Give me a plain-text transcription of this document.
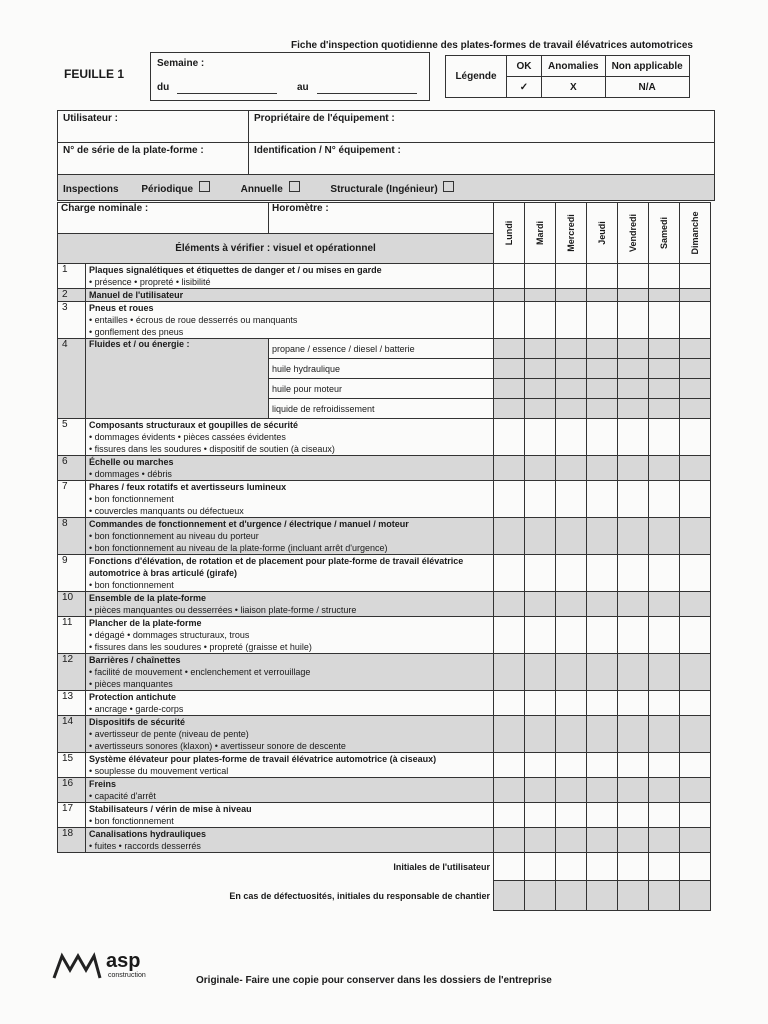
Fiche d'inspection quotidienne des plates-formes de travail élévatrices automotrices
FEUILLE 1
Semaine :
du	au
Légende	OK	Anomalies	Non applicable
	✓	X	N/A
Utilisateur :	Propriétaire de l'équipement :
N° de série de la plate-forme :	Identification / N° équipement :
Inspections Périodique Annuelle Structurale (Ingénieur)	
Charge nominale :		Horomètre :	Lundi	Mardi	Mercredi	Jeudi	Vendredi	Samedi	Dimanche

Éléments à vérifier : visuel et opérationnel									
1	Plaques signalétiques et étiquettes de danger et / ou mises en garde
• présence • propreté • lisibilité								

2	Manuel de l'utilisateur								

3	Pneus et roues
• entailles • écrous de roue desserrés ou manquants
• gonflement des pneus								

4	Fluides et / ou énergie :	propane / essence / diesel / batterie							
		huile hydraulique							
		huile pour moteur							
		liquide de refroidissement							
5	Composants structuraux et goupilles de sécurité
• dommages évidents • pièces cassées évidentes
• fissures dans les soudures • dispositif de soutien (à ciseaux)								

6	Échelle ou marches
• dommages • débris								

7	Phares / feux rotatifs et avertisseurs lumineux
• bon fonctionnement
• couvercles manquants ou défectueux								

8	Commandes de fonctionnement et d'urgence / électrique / manuel / moteur
• bon fonctionnement au niveau du porteur
• bon fonctionnement au niveau de la plate-forme (incluant arrêt d'urgence)								

9	Fonctions d'élévation, de rotation et de placement pour plate-forme de travail élévatrice automotrice à bras articulé (girafe)
• bon fonctionnement								

10	Ensemble de la plate-forme
• pièces manquantes ou desserrées • liaison plate-forme / structure								

11	Plancher de la plate-forme
• dégagé • dommages structuraux, trous
• fissures dans les soudures • propreté (graisse et huile)								

12	Barrières / chaînettes
• facilité de mouvement • enclenchement et verrouillage
• pièces manquantes								

13	Protection antichute
• ancrage • garde-corps								

14	Dispositifs de sécurité
• avertisseur de pente (niveau de pente)
• avertisseurs sonores (klaxon) • avertisseur sonore de descente								

15	Système élévateur pour plates-forme de travail élévatrice automotrice (à ciseaux)
• souplesse du mouvement vertical								

16	Freins
• capacité d'arrêt								

17	Stabilisateurs / vérin de mise à niveau
• bon fonctionnement								

18	Canalisations hydrauliques
• fuites • raccords desserrés								

Initiales de l'utilisateur									
En cas de défectuosités, initiales du responsable de chantier									
asp
construction	Originale- Faire une copie pour conserver dans les dossiers de l'entreprise
